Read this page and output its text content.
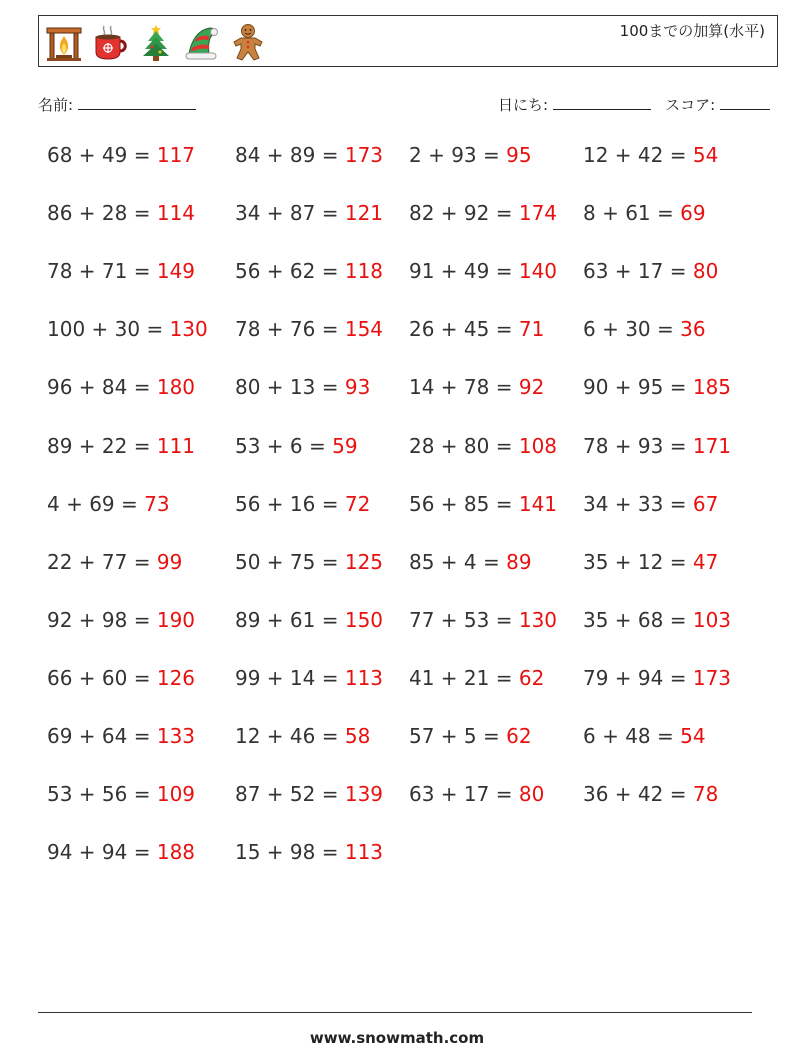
100までの加算(水平)
名前:	日にち:	スコア:
68 + 49 = 117 84 + 89 = 173 2 + 93 = 95	12 + 42 = 54
86 + 28 = 114 34 + 87 = 121 82 + 92 = 174 8 + 61 = 69
78 + 71 = 149 56 + 62 = 118 91 + 49 = 140 63 + 17 = 80
100 + 30 = 130 78 + 76 = 154 26 + 45 = 71 6 + 30 = 36
96 + 84 = 180 80 + 13 = 93 14 + 78 = 92 90 + 95 = 185
89 + 22 = 111 53 + 6 = 59	28 + 80 = 108 78 + 93 = 171
4 + 69 = 73	56 + 16 = 72 56 + 85 = 141 34 + 33 = 67
22 + 77 = 99	50 + 75 = 125 85 + 4 = 89	35 + 12 = 47
92 + 98 = 190 89 + 61 = 150 77 + 53 = 130 35 + 68 = 103
66 + 60 = 126 99 + 14 = 113 41 + 21 = 62 79 + 94 = 173
69 + 64 = 133 12 + 46 = 58 57 + 5 = 62	6 + 48 = 54
53 + 56 = 109 87 + 52 = 139 63 + 17 = 80 36 + 42 = 78
94 + 94 = 188 15 + 98 = 113
www.snowmath.com
